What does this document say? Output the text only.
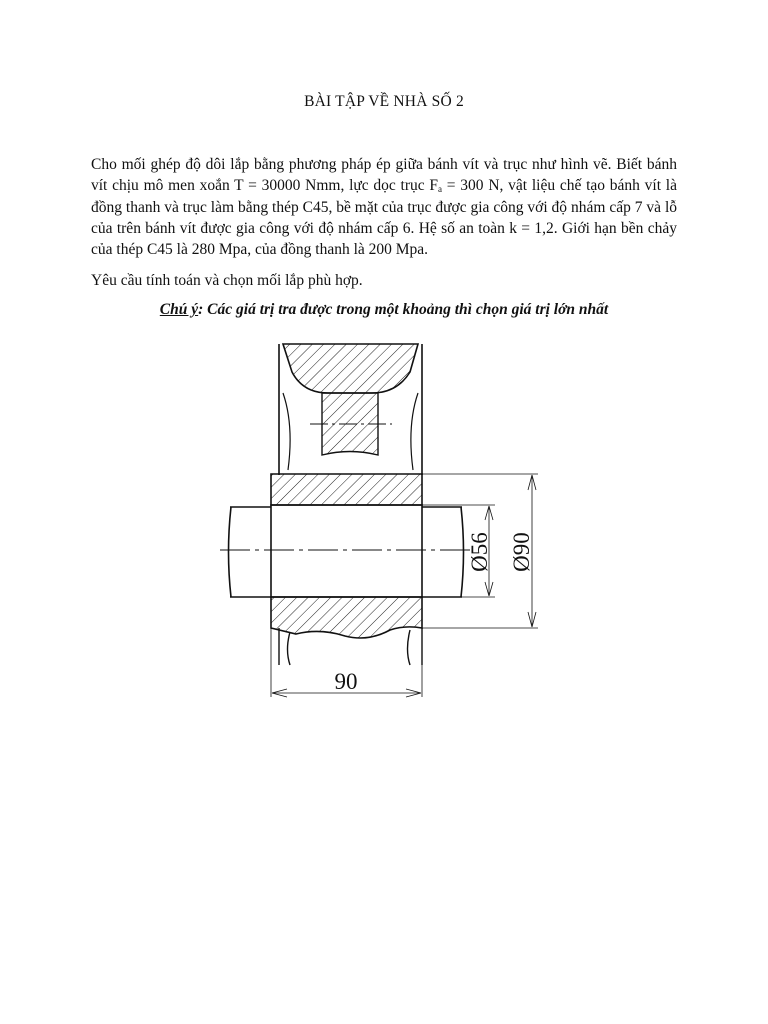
BÀI TẬP VỀ NHÀ SỐ 2
Cho mối ghép độ dôi lắp bằng phương pháp ép giữa bánh vít và trục như hình vẽ. Biết bánh vít chịu mô men xoắn T = 30000 Nmm, lực dọc trục $F_a = 300$ N, vật liệu chế tạo bánh vít là đồng thanh và trục làm bằng thép C45, bề mặt của trục được gia công với độ nhám cấp 7 và lỗ của trên bánh vít được gia công với độ nhám cấp 6. Hệ số an toàn k = 1,2. Giới hạn bền chảy của thép C45 là 280 Mpa, của đồng thanh là 200 Mpa.
Yêu cầu tính toán và chọn mối lắp phù hợp.
Chú ý: Các giá trị tra được trong một khoảng thì chọn giá trị lớn nhất
Ø56 Ø90
90
